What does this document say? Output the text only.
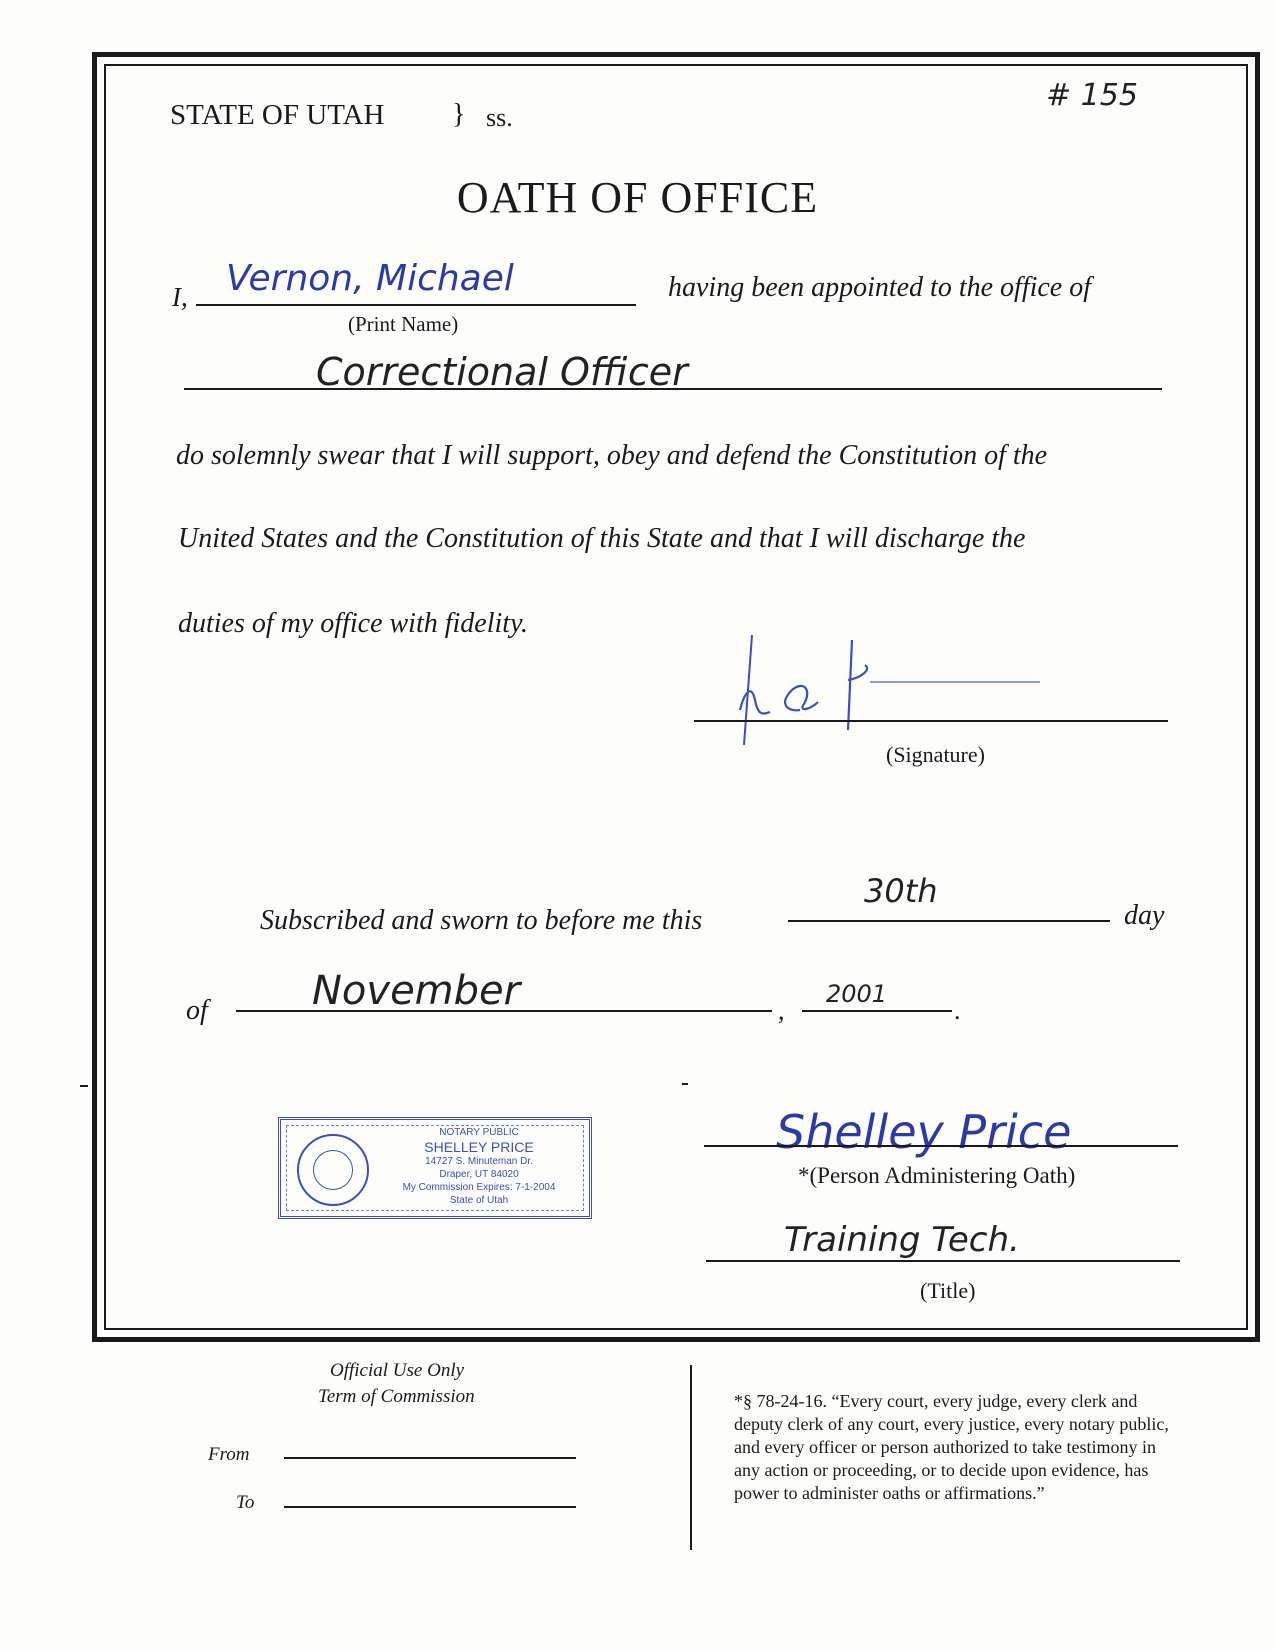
STATE OF UTAH } ss.
# 155
OATH OF OFFICE
I, Vernon, Michael
(Print Name)
having been appointed to the office of
Correctional Officer
do solemnly swear that I will support, obey and defend the Constitution of the
United States and the Constitution of this State and that I will discharge the
duties of my office with fidelity.
(Signature)
Subscribed and sworn to before me this
30th
day
of	November	,
2001
.
NOTARY PUBLIC
SHELLEY PRICE
14727 S. Minuteman Dr.
Draper, UT 84020
My Commission Expires: 7-1-2004
State of Utah
Shelley Price
*(Person Administering Oath)
Training Tech.
(Title)
Official Use Only
Term of Commission
From
To
*§ 78-24-16. “Every court, every judge, every clerk and
deputy clerk of any court, every justice, every notary public,
and every officer or person authorized to take testimony in
any action or proceeding, or to decide upon evidence, has
power to administer oaths or affirmations.”
